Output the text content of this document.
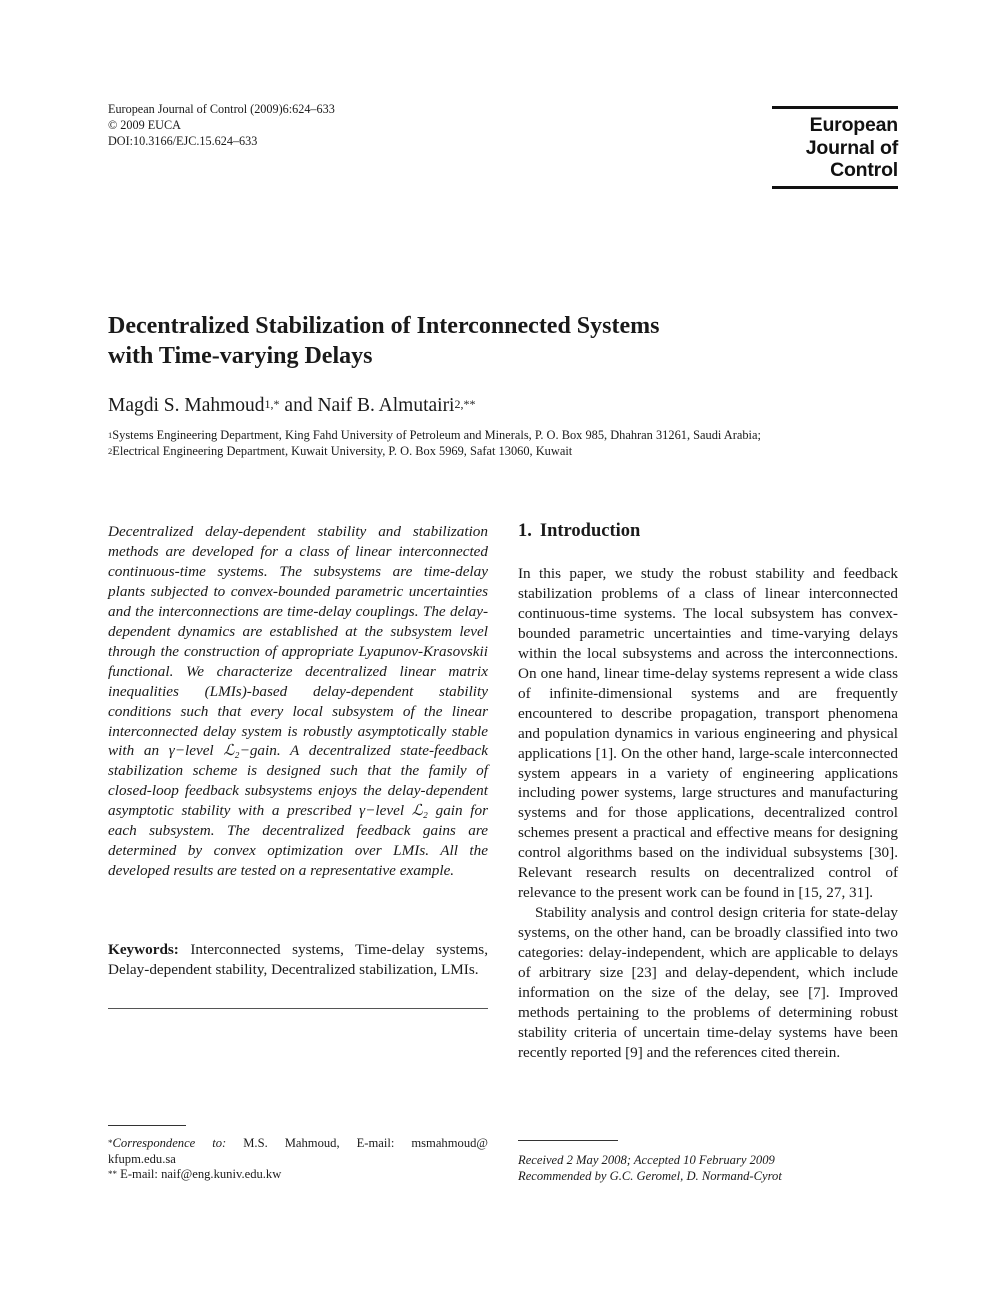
European Journal of Control (2009)6:624–633
© 2009 EUCA
DOI:10.3166/EJC.15.624–633
European
Journal of
Control
Decentralized Stabilization of Interconnected Systems
with Time-varying Delays
Magdi S. Mahmoud$^{1,*}$ and Naif B. Almutairi$^{2,**}$
$^1$Systems Engineering Department, King Fahd University of Petroleum and Minerals, P. O. Box 985, Dhahran 31261, Saudi Arabia;
$^2$Electrical Engineering Department, Kuwait University, P. O. Box 5969, Safat 13060, Kuwait
Decentralized delay-dependent stability and stabilization methods are developed for a class of linear interconnected continuous-time systems. The subsystems are time-delay plants subjected to convex-bounded parametric uncertainties and the interconnections are time-delay couplings. The delay-dependent dynamics are established at the subsystem level through the construction of appropriate Lyapunov-Krasovskii functional. We characterize decentralized linear matrix inequalities (LMIs)-based delay-dependent stability conditions such that every local subsystem of the linear interconnected delay system is robustly asymptotically stable with an γ−level ℒ₂−gain. A decentralized state-feedback stabilization scheme is designed such that the family of closed-loop feedback subsystems enjoys the delay-dependent asymptotic stability with a prescribed γ−level ℒ₂ gain for each subsystem. The decentralized feedback gains are determined by convex optimization over LMIs. All the developed results are tested on a representative example.
Keywords: Interconnected systems, Time-delay systems, Delay-dependent stability, Decentralized stabilization, LMIs.
*Correspondence to: M.S. Mahmoud, E-mail: msmahmoud@
kfupm.edu.sa
** E-mail: naif@eng.kuniv.edu.kw
1. Introduction

In this paper, we study the robust stability and feedback stabilization problems of a class of linear interconnected continuous-time systems. The local subsystem has convex-bounded parametric uncertainties and time-varying delays within the local subsystems and across the interconnections. On one hand, linear time-delay systems represent a wide class of infinite-dimensional systems and are frequently encountered to describe propagation, transport phenomena and population dynamics in various engineering and physical applications [1]. On the other hand, large-scale interconnected system appears in a variety of engineering applications including power systems, large structures and manufacturing systems and for those applications, decentralized control schemes present a practical and effective means for designing control algorithms based on the individual subsystems [30]. Relevant research results on decentralized control of relevance to the present work can be found in [15, 27, 31].

Stability analysis and control design criteria for state-delay systems, on the other hand, can be broadly classified into two categories: delay-independent, which are applicable to delays of arbitrary size [23] and delay-dependent, which include information on the size of the delay, see [7]. Improved methods pertaining to the problems of determining robust stability criteria of uncertain time-delay systems have been recently reported [9] and the references cited therein.

Received 2 May 2008; Accepted 10 February 2009
Recommended by G.C. Geromel, D. Normand-Cyrot
